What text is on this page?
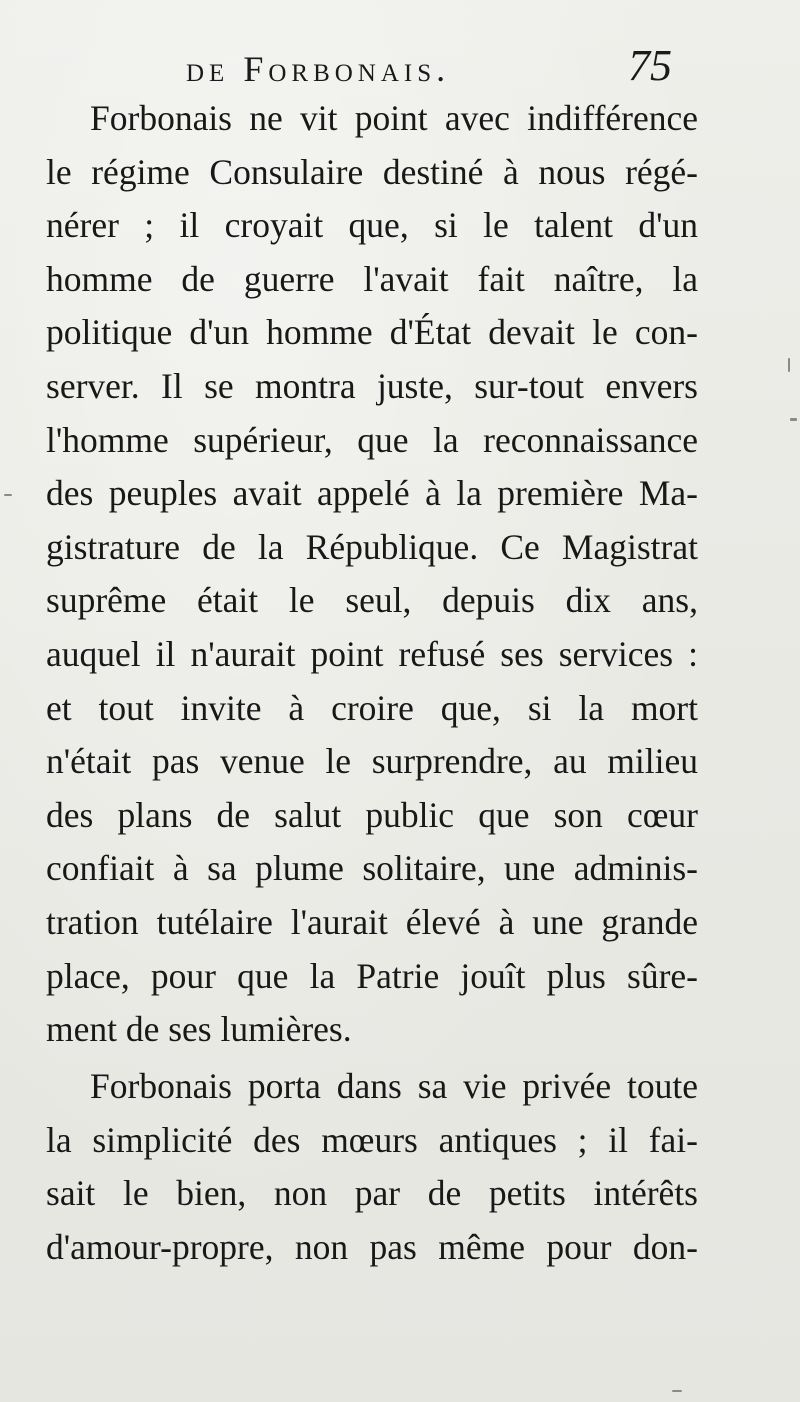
de Forbonais.	75
Forbonais ne vit point avec indifférence
le régime Consulaire destiné à nous régé-
nérer ; il croyait que, si le talent d'un
homme de guerre l'avait fait naître, la
politique d'un homme d'État devait le con-
server. Il se montra juste, sur-tout envers
l'homme supérieur, que la reconnaissance
des peuples avait appelé à la première Ma-
gistrature de la République. Ce Magistrat
suprême était le seul, depuis dix ans,
auquel il n'aurait point refusé ses services :
et tout invite à croire que, si la mort
n'était pas venue le surprendre, au milieu
des plans de salut public que son cœur
confiait à sa plume solitaire, une adminis-
tration tutélaire l'aurait élevé à une grande
place, pour que la Patrie jouît plus sûre-
ment de ses lumières.
Forbonais porta dans sa vie privée toute
la simplicité des mœurs antiques ; il fai-
sait le bien, non par de petits intérêts
d'amour-propre, non pas même pour don-
